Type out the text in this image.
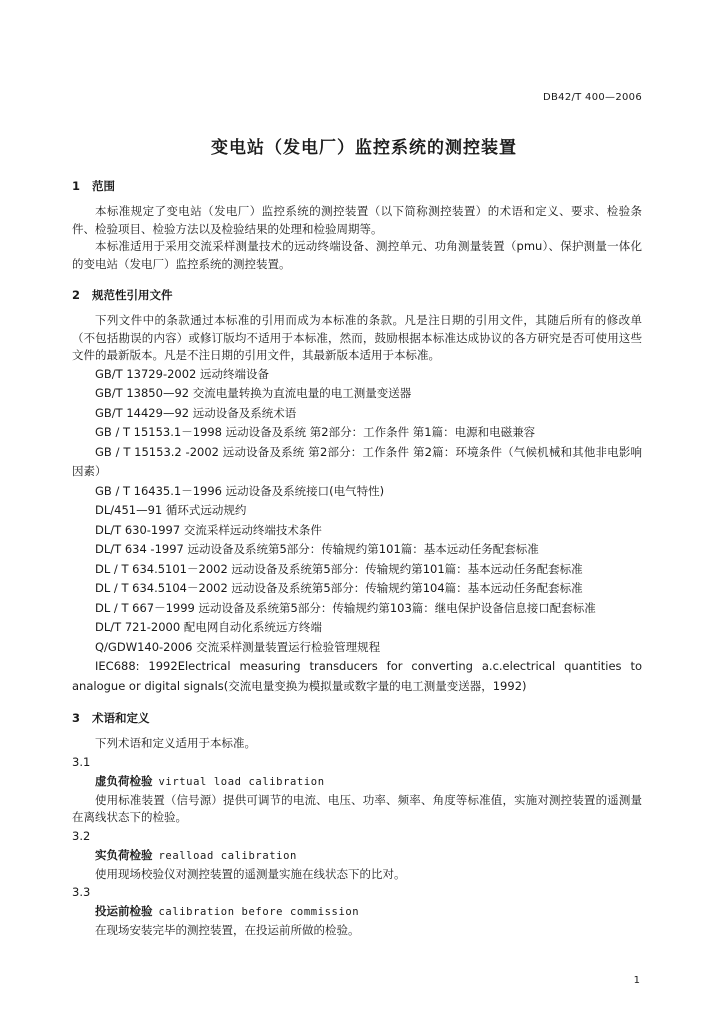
DB42/T 400—2006
变电站（发电厂）监控系统的测控装置
1 范围

本标准规定了变电站（发电厂）监控系统的测控装置（以下简称测控装置）的术语和定义、要求、检验条件、检验项目、检验方法以及检验结果的处理和检验周期等。

本标准适用于采用交流采样测量技术的远动终端设备、测控单元、功角测量装置（pmu）、保护测量一体化的变电站（发电厂）监控系统的测控装置。

2 规范性引用文件

下列文件中的条款通过本标准的引用而成为本标准的条款。凡是注日期的引用文件，其随后所有的修改单（不包括勘误的内容）或修订版均不适用于本标准，然而，鼓励根据本标准达成协议的各方研究是否可使用这些文件的最新版本。凡是不注日期的引用文件，其最新版本适用于本标准。

GB/T 13729-2002 远动终端设备

GB/T 13850—92 交流电量转换为直流电量的电工测量变送器

GB/T 14429—92 远动设备及系统术语

GB / T 15153.1－1998 远动设备及系统 第2部分：工作条件 第1篇：电源和电磁兼容

GB / T 15153.2 -2002 远动设备及系统 第2部分：工作条件 第2篇：环境条件（气候机械和其他非电影响因素）

GB / T 16435.1－1996 远动设备及系统接口(电气特性)

DL/451—91 循环式远动规约

DL/T 630-1997 交流采样远动终端技术条件

DL/T 634 -1997 远动设备及系统第5部分：传输规约第101篇：基本远动任务配套标准

DL / T 634.5101－2002 远动设备及系统第5部分：传输规约第101篇：基本远动任务配套标准

DL / T 634.5104－2002 远动设备及系统第5部分：传输规约第104篇：基本远动任务配套标准

DL / T 667－1999 远动设备及系统第5部分：传输规约第103篇：继电保护设备信息接口配套标准

DL/T 721-2000 配电网自动化系统远方终端

Q/GDW140-2006 交流采样测量装置运行检验管理规程

IEC688: 1992Electrical measuring transducers for converting a.c.electrical quantities to analogue or digital signals(交流电量变换为模拟量或数字量的电工测量变送器，1992)

3 术语和定义

下列术语和定义适用于本标准。

3.1

虚负荷检验 virtual load calibration

使用标准装置（信号源）提供可调节的电流、电压、功率、频率、角度等标准值，实施对测控装置的遥测量在离线状态下的检验。

3.2

实负荷检验 realload calibration

使用现场校验仪对测控装置的遥测量实施在线状态下的比对。

3.3

投运前检验 calibration before commission

在现场安装完毕的测控装置，在投运前所做的检验。

1
